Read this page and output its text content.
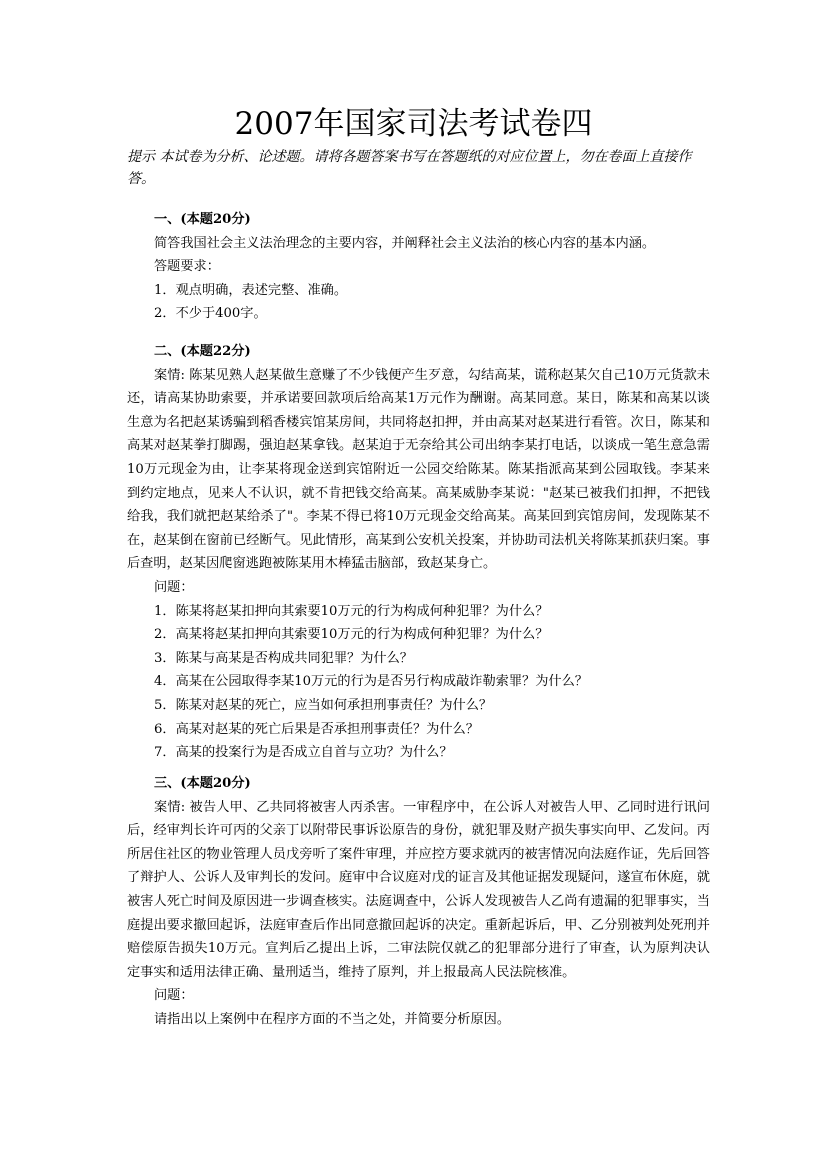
2007年国家司法考试卷四
提示 本试卷为分析、论述题。请将各题答案书写在答题纸的对应位置上，勿在卷面上直接作答。

一、(本题20分)

简答我国社会主义法治理念的主要内容，并阐释社会主义法治的核心内容的基本内涵。

答题要求：

1．观点明确，表述完整、准确。

2．不少于400字。

二、(本题22分)

案情: 陈某见熟人赵某做生意赚了不少钱便产生歹意，勾结高某，谎称赵某欠自己10万元货款未还，请高某协助索要，并承诺要回款项后给高某1万元作为酬谢。高某同意。某日，陈某和高某以谈生意为名把赵某诱骗到稻香楼宾馆某房间，共同将赵扣押，并由高某对赵某进行看管。次日，陈某和高某对赵某拳打脚踢，强迫赵某拿钱。赵某迫于无奈给其公司出纳李某打电话，以谈成一笔生意急需10万元现金为由，让李某将现金送到宾馆附近一公园交给陈某。陈某指派高某到公园取钱。李某来到约定地点，见来人不认识，就不肯把钱交给高某。高某威胁李某说："赵某已被我们扣押，不把钱给我，我们就把赵某给杀了"。李某不得已将10万元现金交给高某。高某回到宾馆房间，发现陈某不在，赵某倒在窗前已经断气。见此情形，高某到公安机关投案，并协助司法机关将陈某抓获归案。事后查明，赵某因爬窗逃跑被陈某用木棒猛击脑部，致赵某身亡。

问题：

1．陈某将赵某扣押向其索要10万元的行为构成何种犯罪？为什么？

2．高某将赵某扣押向其索要10万元的行为构成何种犯罪？为什么？

3．陈某与高某是否构成共同犯罪？为什么？

4．高某在公园取得李某10万元的行为是否另行构成敲诈勒索罪？为什么？

5．陈某对赵某的死亡，应当如何承担刑事责任？为什么？

6．高某对赵某的死亡后果是否承担刑事责任？为什么？

7．高某的投案行为是否成立自首与立功？为什么？

三、(本题20分)

案情: 被告人甲、乙共同将被害人丙杀害。一审程序中，在公诉人对被告人甲、乙同时进行讯问后，经审判长许可丙的父亲丁以附带民事诉讼原告的身份，就犯罪及财产损失事实向甲、乙发问。丙所居住社区的物业管理人员戊旁听了案件审理，并应控方要求就丙的被害情况向法庭作证，先后回答了辩护人、公诉人及审判长的发问。庭审中合议庭对戊的证言及其他证据发现疑问，遂宣布休庭，就被害人死亡时间及原因进一步调查核实。法庭调查中，公诉人发现被告人乙尚有遗漏的犯罪事实，当庭提出要求撤回起诉，法庭审查后作出同意撤回起诉的决定。重新起诉后，甲、乙分别被判处死刑并赔偿原告损失10万元。宣判后乙提出上诉，二审法院仅就乙的犯罪部分进行了审查，认为原判决认定事实和适用法律正确、量刑适当，维持了原判，并上报最高人民法院核准。

问题：

请指出以上案例中在程序方面的不当之处，并简要分析原因。
